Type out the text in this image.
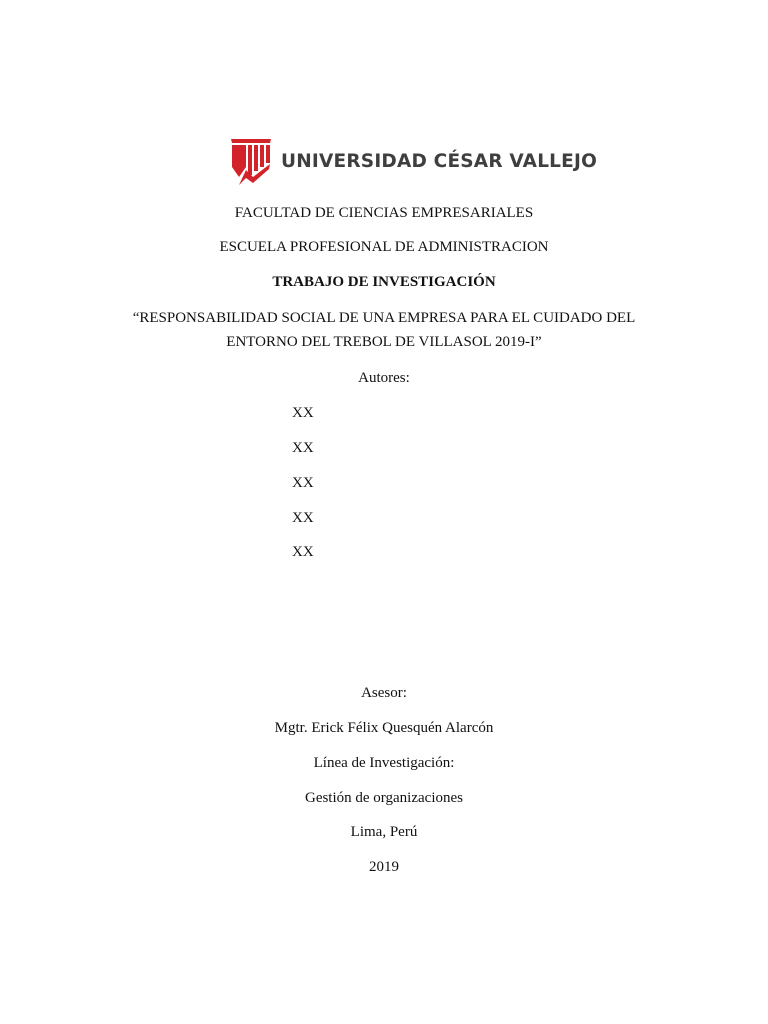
UNIVERSIDAD CÉSAR VALLEJO
FACULTAD DE CIENCIAS EMPRESARIALES
ESCUELA PROFESIONAL DE ADMINISTRACION
TRABAJO DE INVESTIGACIÓN
“RESPONSABILIDAD SOCIAL DE UNA EMPRESA PARA EL CUIDADO DEL
ENTORNO DEL TREBOL DE VILLASOL 2019-I”
Autores:
XX
XX
XX
XX
XX
Asesor:
Mgtr. Erick Félix Quesquén Alarcón
Línea de Investigación:
Gestión de organizaciones
Lima, Perú
2019
